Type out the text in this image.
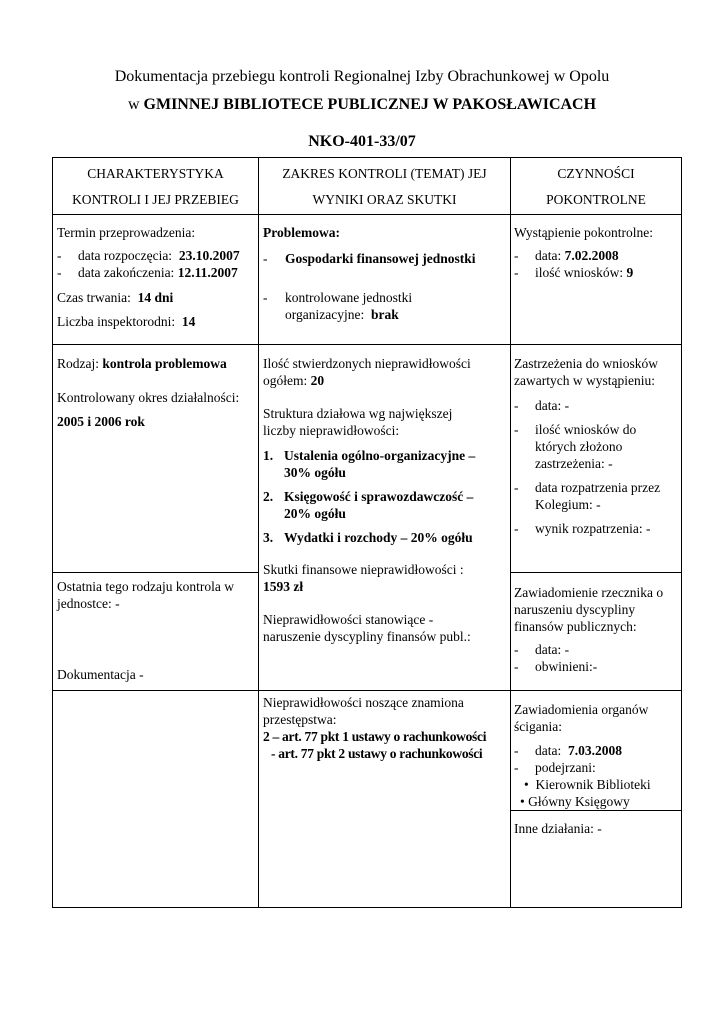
Dokumentacja przebiegu kontroli Regionalnej Izby Obrachunkowej w Opolu
w GMINNEJ BIBLIOTECE PUBLICZNEJ W PAKOSŁAWICACH
NKO-401-33/07
CHARAKTERYSTYKA
KONTROLI I JEJ PRZEBIEG
ZAKRES KONTROLI (TEMAT) JEJ
WYNIKI ORAZ SKUTKI
CZYNNOŚCI
POKONTROLNE
Termin przeprowadzenia:
- data rozpoczęcia: 23.10.2007
- data zakończenia: 12.11.2007
Czas trwania: 14 dni
Liczba inspektorodni: 14
Problemowa:
- Gospodarki finansowej jednostki
- kontrolowane jednostki
organizacyjne: brak
Wystąpienie pokontrolne:
- data: 7.02.2008
- ilość wniosków: 9
Rodzaj: kontrola problemowa
Kontrolowany okres działalności:
2005 i 2006 rok
Ilość stwierdzonych nieprawidłowości
ogółem: 20
Struktura działowa wg największej
liczby nieprawidłowości:
1. Ustalenia ogólno-organizacyjne –
30% ogółu
2. Księgowość i sprawozdawczość –
20% ogółu
3. Wydatki i rozchody – 20% ogółu
Skutki finansowe nieprawidłowości :
1593 zł
Nieprawidłowości stanowiące -
naruszenie dyscypliny finansów publ.:
Zastrzeżenia do wniosków
zawartych w wystąpieniu:
- data: -
- ilość wniosków do
których złożono
zastrzeżenia: -
- data rozpatrzenia przez
Kolegium: -
- wynik rozpatrzenia: -
Ostatnia tego rodzaju kontrola w
jednostce: -
Dokumentacja -
Zawiadomienie rzecznika o
naruszeniu dyscypliny
finansów publicznych:
- data: -
- obwinieni:-
Nieprawidłowości noszące znamiona
przestępstwa:
2 – art. 77 pkt 1 ustawy o rachunkowości
- art. 77 pkt 2 ustawy o rachunkowości
Zawiadomienia organów
ścigania:
- data: 7.03.2008
- podejrzani:
• Kierownik Biblioteki
• Główny Księgowy
Inne działania: -
